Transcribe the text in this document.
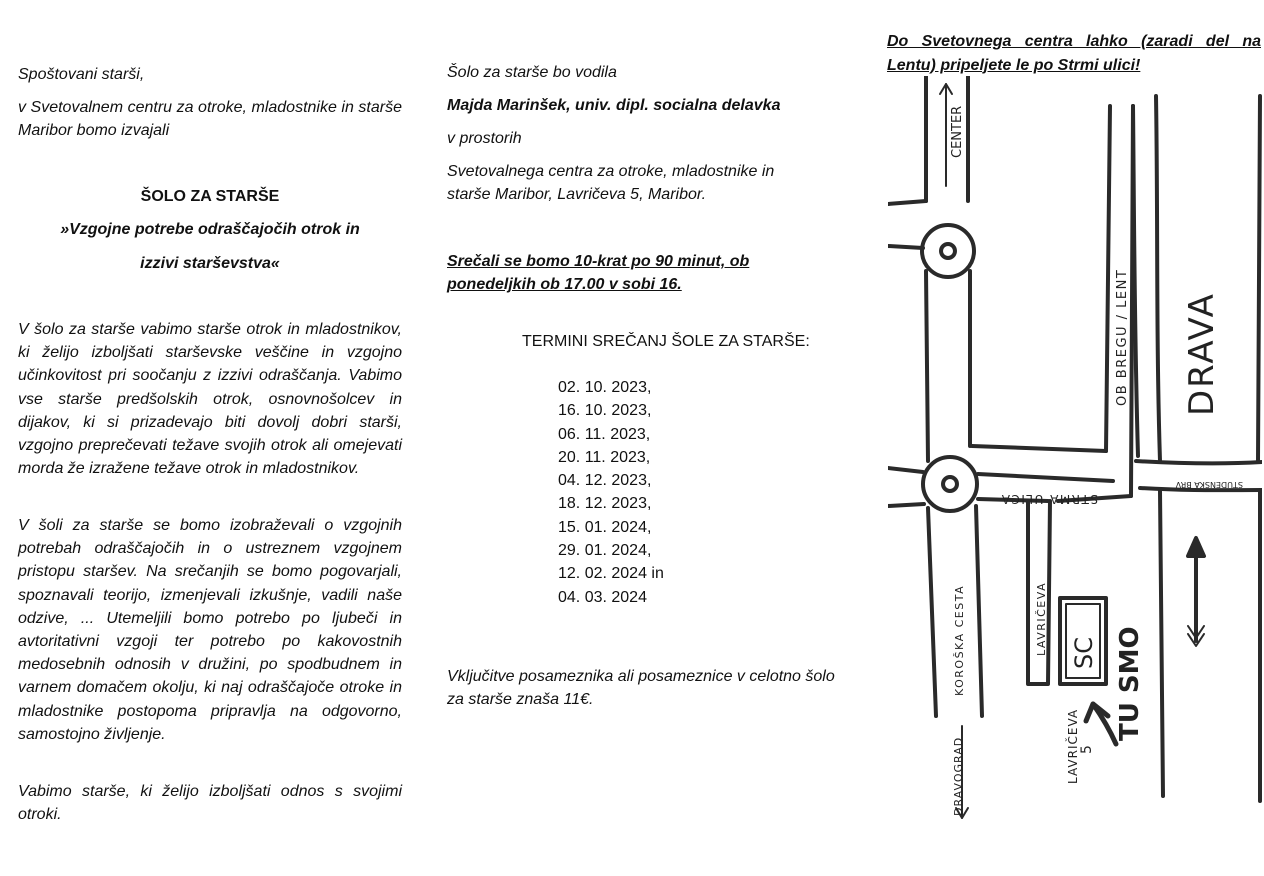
Spoštovani starši,

v Svetovalnem centru za otroke, mladostnike in starše Maribor bomo izvajali

ŠOLO ZA STARŠE

»Vzgojne potrebe odraščajočih otrok in

izzivi starševstva«

V šolo za starše vabimo starše otrok in mladostnikov, ki želijo izboljšati starševske veščine in vzgojno učinkovitost pri soočanju z izzivi odraščanja. Vabimo vse starše predšolskih otrok, osnovnošolcev in dijakov, ki si prizadevajo biti dovolj dobri starši, vzgojno preprečevati težave svojih otrok ali omejevati morda že izražene težave otrok in mladostnikov.

V šoli za starše se bomo izobraževali o vzgojnih potrebah odraščajočih in o ustreznem vzgojnem pristopu staršev. Na srečanjih se bomo pogovarjali, spoznavali teorijo, izmenjevali izkušnje, vadili naše odzive, ... Utemeljili bomo potrebo po ljubeči in avtoritativni vzgoji ter potrebo po kakovostnih medosebnih odnosih v družini, po spodbudnem in varnem domačem okolju, ki naj odraščajoče otroke in mladostnike postopoma pripravlja na odgovorno, samostojno življenje.

Vabimo starše, ki želijo izboljšati odnos s svojimi otroki.

Šolo za starše bo vodila

Majda Marinšek, univ. dipl. socialna delavka

v prostorih

Svetovalnega centra za otroke, mladostnike in starše Maribor, Lavričeva 5, Maribor.

Srečali se bomo 10-krat po 90 minut, ob ponedeljkih ob 17.00 v sobi 16.

TERMINI SREČANJ ŠOLE ZA STARŠE:

Vključitve posameznika ali posameznice v celotno šolo za starše znaša 11€.

02. 10. 2023,
16. 10. 2023,
06. 11. 2023,
20. 11. 2023,
04. 12. 2023,
18. 12. 2023,
15. 01. 2024,
29. 01. 2024,
12. 02. 2024 in
04. 03. 2024
Do Svetovnega centra lahko (zaradi del na Lentu) pripeljete le po Strmi ulici!
CENTER
OB BREGU / LENT DRAVA
STRMA ULICA
STUDENŠKA BRV
KOROŠKA CESTA	LAVRIČEVA SC TU SMO
LAVRIČEVA 5
DRAVOGRAD
